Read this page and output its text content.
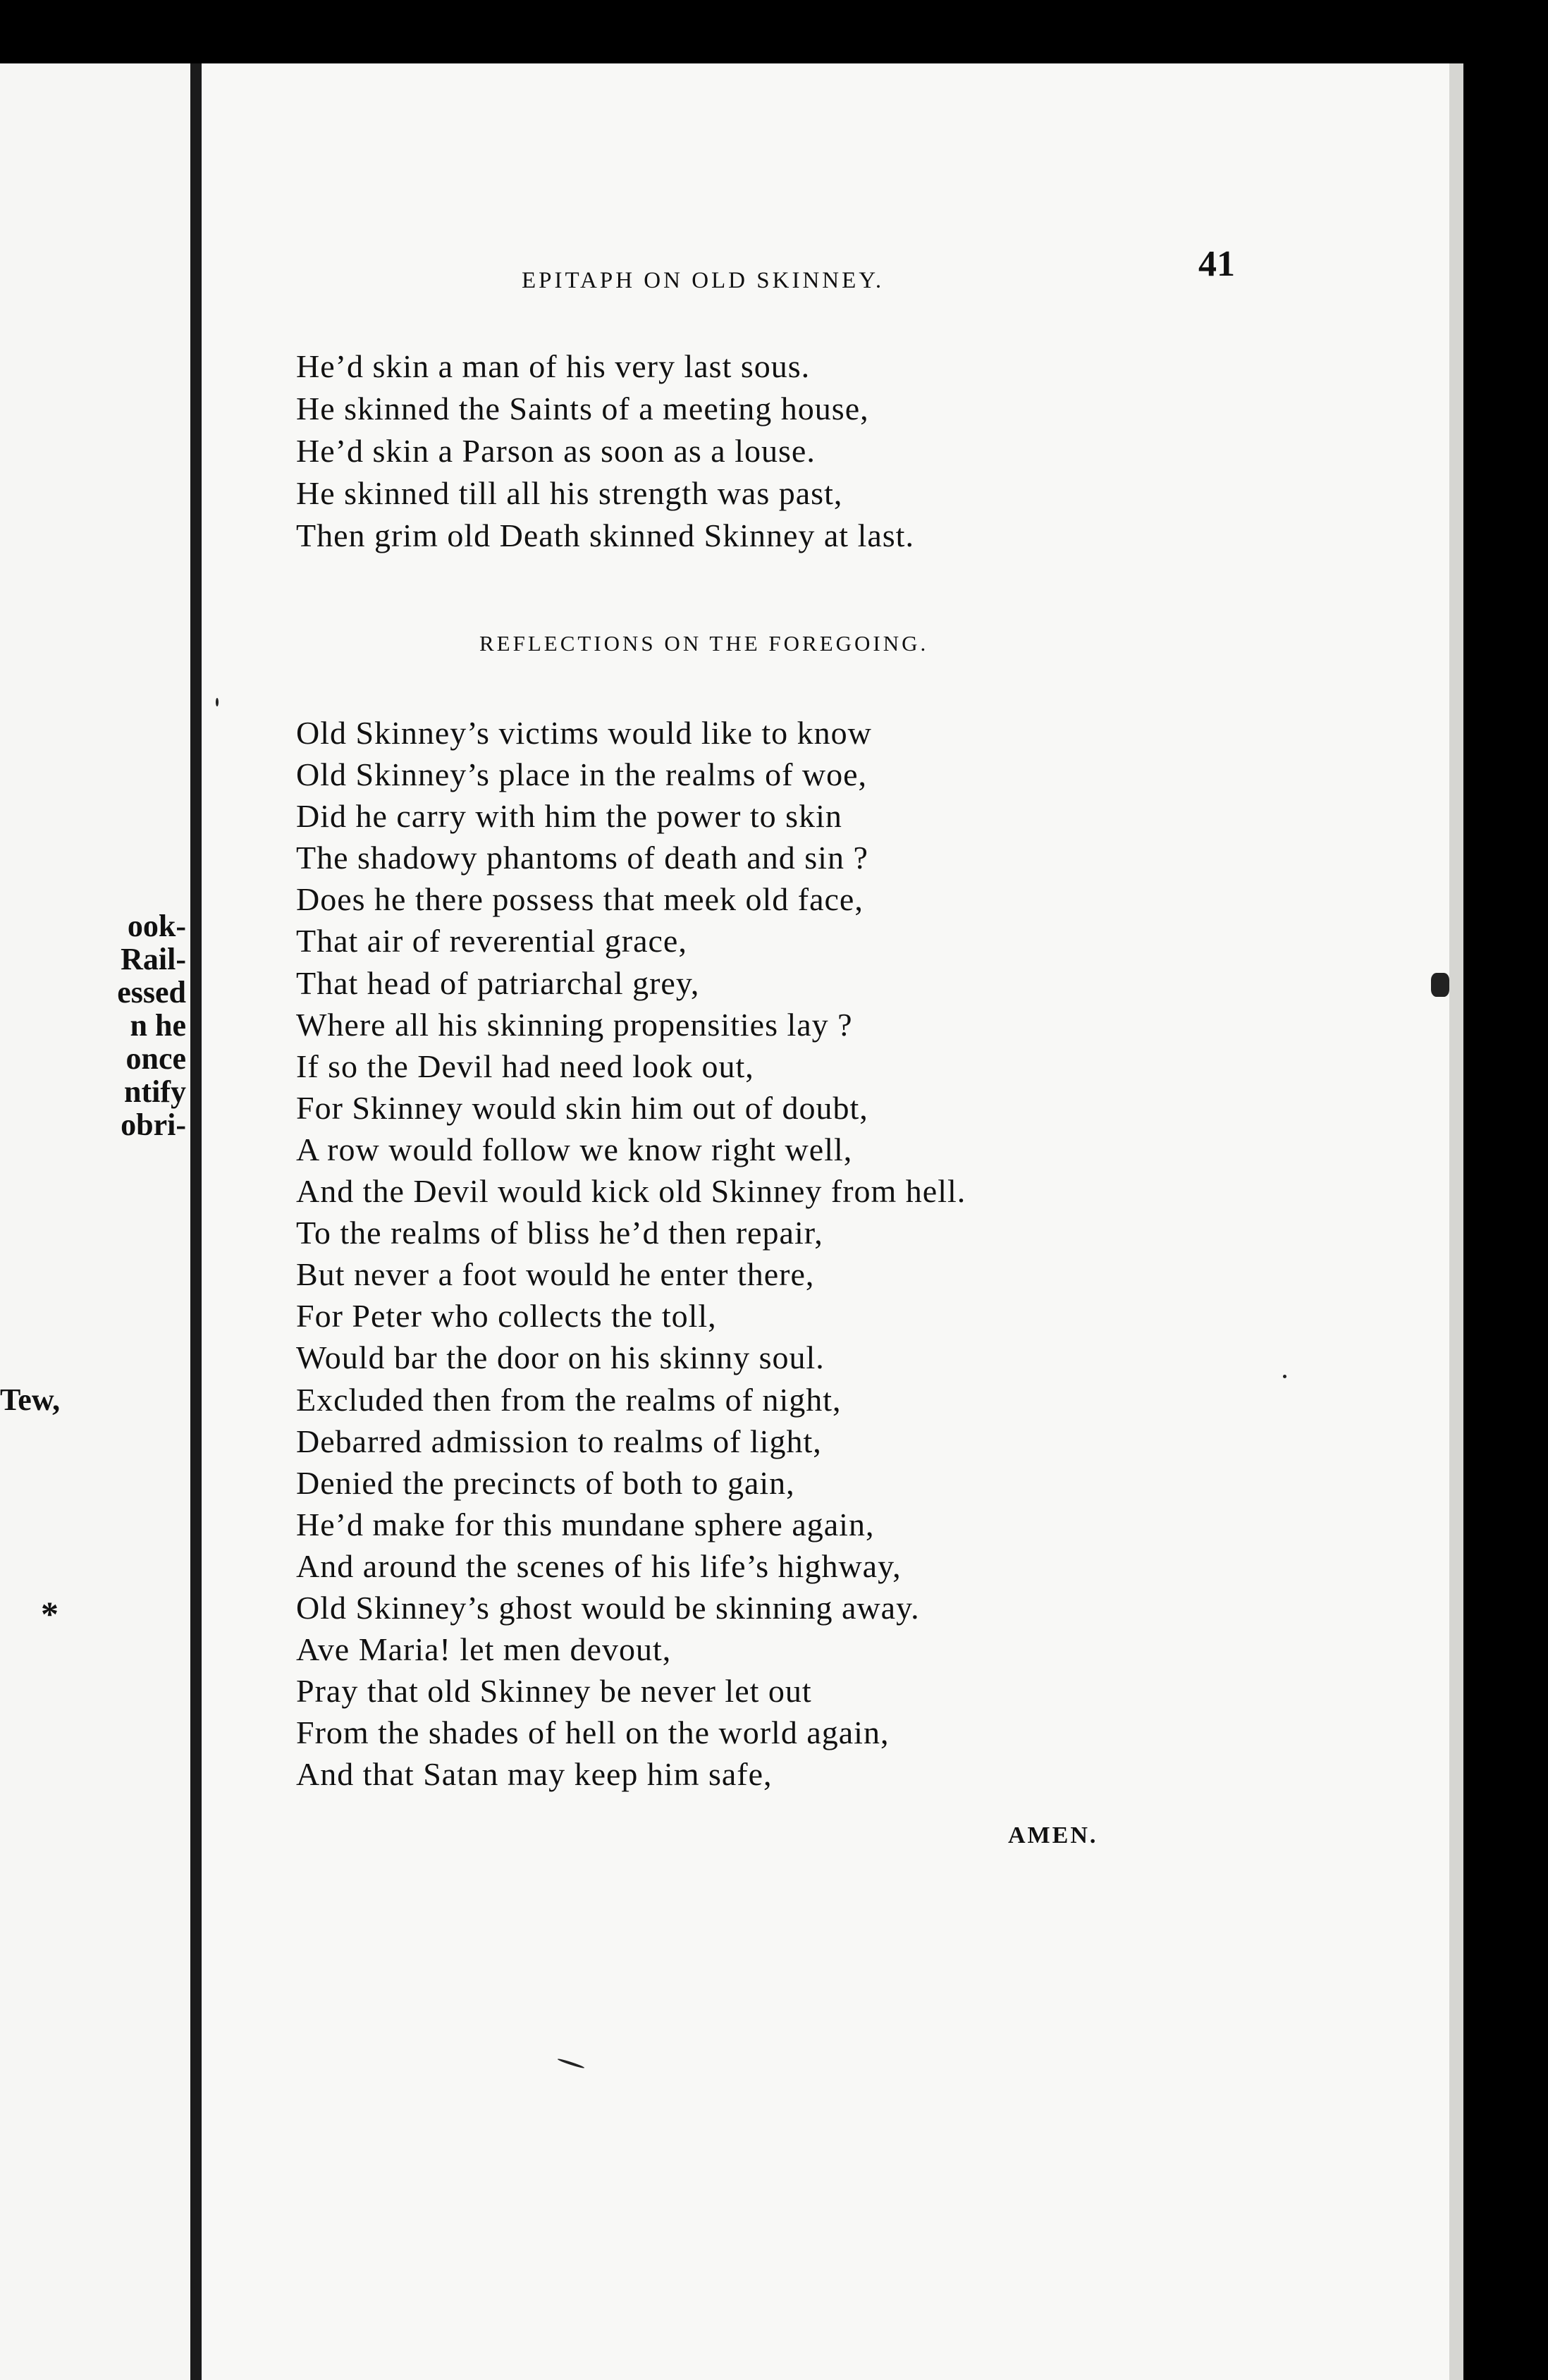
ook-
Rail-
essed
n he
once
ntify
obri-
Tew,
*
EPITAPH ON OLD SKINNEY.	41
He’d skin a man of his very last sous.
He skinned the Saints of a meeting house,
He’d skin a Parson as soon as a louse.
He skinned till all his strength was past,
Then grim old Death skinned Skinney at last.
REFLECTIONS ON THE FOREGOING.
Old Skinney’s victims would like to know
Old Skinney’s place in the realms of woe,
Did he carry with him the power to skin
The shadowy phantoms of death and sin ?
Does he there possess that meek old face,
That air of reverential grace,
That head of patriarchal grey,
Where all his skinning propensities lay ?
If so the Devil had need look out,
For Skinney would skin him out of doubt,
A row would follow we know right well,
And the Devil would kick old Skinney from hell.
To the realms of bliss he’d then repair,
But never a foot would he enter there,
For Peter who collects the toll,
Would bar the door on his skinny soul.
Excluded then from the realms of night,
Debarred admission to realms of light,
Denied the precincts of both to gain,
He’d make for this mundane sphere again,
And around the scenes of his life’s highway,
Old Skinney’s ghost would be skinning away.
Ave Maria! let men devout,
Pray that old Skinney be never let out
From the shades of hell on the world again,
And that Satan may keep him safe,
AMEN.
